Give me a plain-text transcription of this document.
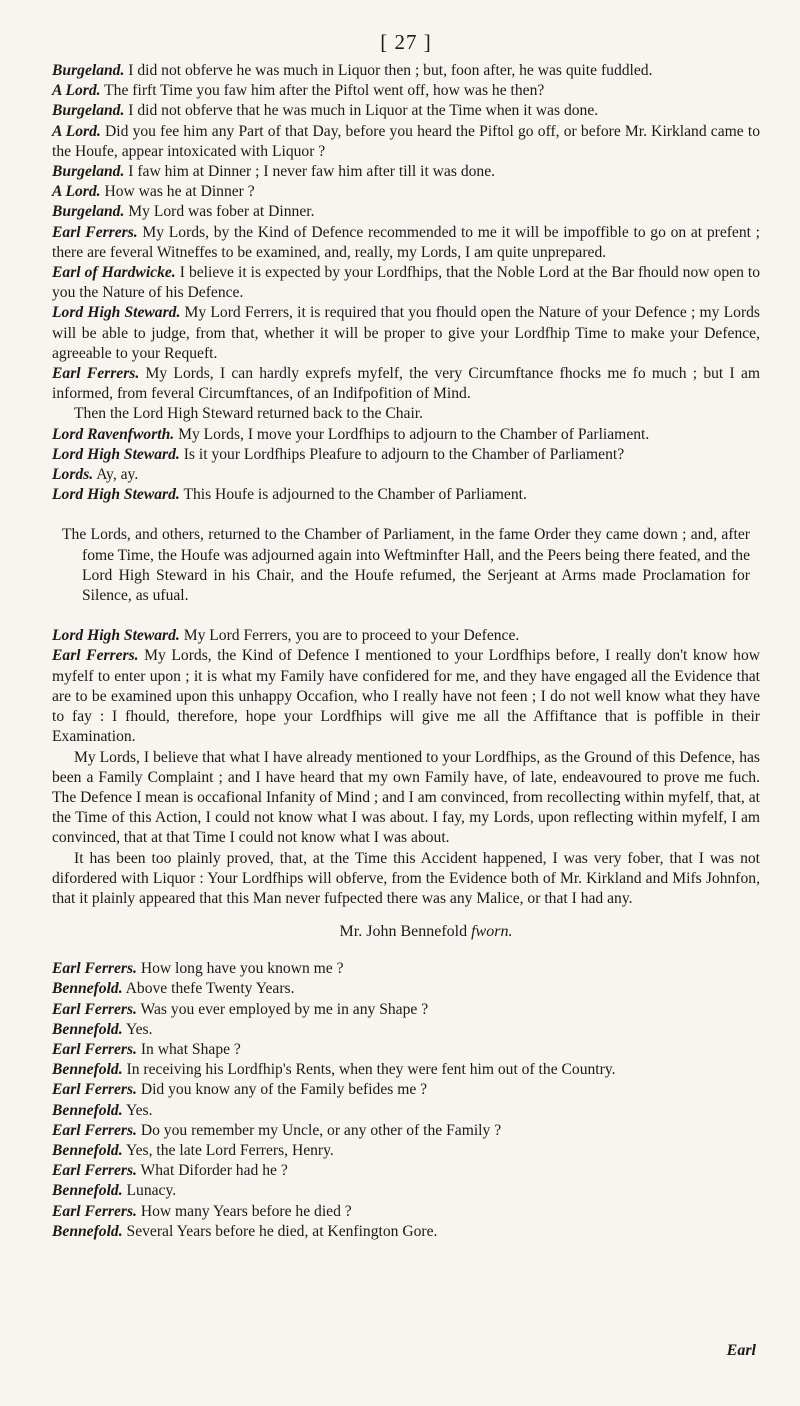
[ 27 ]

Burgeland. I did not obferve he was much in Liquor then ; but, foon after, he was quite fuddled.

A Lord. The firft Time you faw him after the Piftol went off, how was he then?

Burgeland. I did not obferve that he was much in Liquor at the Time when it was done.

A Lord. Did you fee him any Part of that Day, before you heard the Piftol go off, or before Mr. Kirkland came to the Houfe, appear intoxicated with Liquor ?

Burgeland. I faw him at Dinner ; I never faw him after till it was done.

A Lord. How was he at Dinner ?

Burgeland. My Lord was fober at Dinner.

Earl Ferrers. My Lords, by the Kind of Defence recommended to me it will be impoffible to go on at prefent ; there are feveral Witneffes to be examined, and, really, my Lords, I am quite unprepared.

Earl of Hardwicke. I believe it is expected by your Lordfhips, that the Noble Lord at the Bar fhould now open to you the Nature of his Defence.

Lord High Steward. My Lord Ferrers, it is required that you fhould open the Nature of your Defence ; my Lords will be able to judge, from that, whether it will be proper to give your Lordfhip Time to make your Defence, agreeable to your Requeft.

Earl Ferrers. My Lords, I can hardly exprefs myfelf, the very Circumftance fhocks me fo much ; but I am informed, from feveral Circumftances, of an Indifpofition of Mind.

Then the Lord High Steward returned back to the Chair.

Lord Ravenfworth. My Lords, I move your Lordfhips to adjourn to the Chamber of Parliament.

Lord High Steward. Is it your Lordfhips Pleafure to adjourn to the Chamber of Parliament?

Lords. Ay, ay.

Lord High Steward. This Houfe is adjourned to the Chamber of Parliament.

The Lords, and others, returned to the Chamber of Parliament, in the fame Order they came down ; and, after fome Time, the Houfe was adjourned again into Weftminfter Hall, and the Peers being there feated, and the Lord High Steward in his Chair, and the Houfe refumed, the Serjeant at Arms made Proclamation for Silence, as ufual.

Lord High Steward. My Lord Ferrers, you are to proceed to your Defence.

Earl Ferrers. My Lords, the Kind of Defence I mentioned to your Lordfhips before, I really don't know how myfelf to enter upon ; it is what my Family have confidered for me, and they have engaged all the Evidence that are to be examined upon this unhappy Occafion, who I really have not feen ; I do not well know what they have to fay : I fhould, therefore, hope your Lordfhips will give me all the Affiftance that is poffible in their Examination.

My Lords, I believe that what I have already mentioned to your Lordfhips, as the Ground of this Defence, has been a Family Complaint ; and I have heard that my own Family have, of late, endeavoured to prove me fuch. The Defence I mean is occafional Infanity of Mind ; and I am convinced, from recollecting within myfelf, that, at the Time of this Action, I could not know what I was about. I fay, my Lords, upon reflecting within myfelf, I am convinced, that at that Time I could not know what I was about.

It has been too plainly proved, that, at the Time this Accident happened, I was very fober, that I was not difordered with Liquor : Your Lordfhips will obferve, from the Evidence both of Mr. Kirkland and Mifs Johnfon, that it plainly appeared that this Man never fufpected there was any Malice, or that I had any.

Mr. John Bennefold fworn.

Earl Ferrers. How long have you known me ?

Bennefold. Above thefe Twenty Years.

Earl Ferrers. Was you ever employed by me in any Shape ?

Bennefold. Yes.

Earl Ferrers. In what Shape ?

Bennefold. In receiving his Lordfhip's Rents, when they were fent him out of the Country.

Earl Ferrers. Did you know any of the Family befides me ?

Bennefold. Yes.

Earl Ferrers. Do you remember my Uncle, or any other of the Family ?

Bennefold. Yes, the late Lord Ferrers, Henry.

Earl Ferrers. What Diforder had he ?

Bennefold. Lunacy.

Earl Ferrers. How many Years before he died ?

Bennefold. Several Years before he died, at Kenfington Gore.

Earl
